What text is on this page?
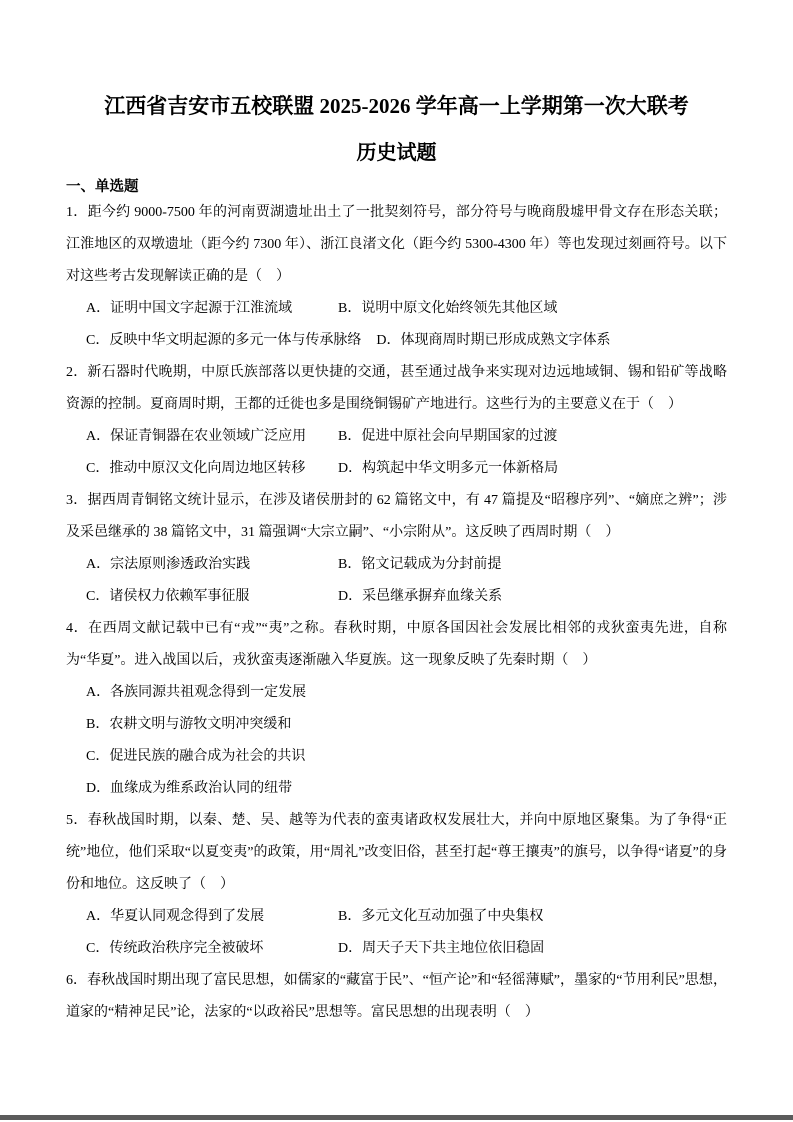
江西省吉安市五校联盟 2025-2026 学年高一上学期第一次大联考
历史试题
一、单选题

1．距今约 9000-7500 年的河南贾湖遗址出土了一批契刻符号，部分符号与晚商殷墟甲骨文存在形态关联；江淮地区的双墩遗址（距今约 7300 年）、浙江良渚文化（距今约 5300-4300 年）等也发现过刻画符号。以下对这些考古发现解读正确的是（　）

A．证明中国文字起源于江淮流域	B．说明中原文化始终领先其他区域
C．反映中华文明起源的多元一体与传承脉络 D．体现商周时期已形成成熟文字体系

2．新石器时代晚期，中原氏族部落以更快捷的交通，甚至通过战争来实现对边远地域铜、锡和铅矿等战略资源的控制。夏商周时期，王都的迁徙也多是围绕铜锡矿产地进行。这些行为的主要意义在于（　）

A．保证青铜器在农业领域广泛应用	B．促进中原社会向早期国家的过渡
C．推动中原汉文化向周边地区转移	D．构筑起中华文明多元一体新格局

3．据西周青铜铭文统计显示，在涉及诸侯册封的 62 篇铭文中，有 47 篇提及“昭穆序列”、“嫡庶之辨”；涉及采邑继承的 38 篇铭文中，31 篇强调“大宗立嗣”、“小宗附从”。这反映了西周时期（　）

A．宗法原则渗透政治实践	B．铭文记载成为分封前提
C．诸侯权力依赖军事征服	D．采邑继承摒弃血缘关系

4．在西周文献记载中已有“戎”“夷”之称。春秋时期，中原各国因社会发展比相邻的戎狄蛮夷先进，自称为“华夏”。进入战国以后，戎狄蛮夷逐渐融入华夏族。这一现象反映了先秦时期（　）

A．各族同源共祖观念得到一定发展
B．农耕文明与游牧文明冲突缓和
C．促进民族的融合成为社会的共识
D．血缘成为维系政治认同的纽带

5．春秋战国时期，以秦、楚、吴、越等为代表的蛮夷诸政权发展壮大，并向中原地区聚集。为了争得“正统”地位，他们采取“以夏变夷”的政策，用“周礼”改变旧俗，甚至打起“尊王攘夷”的旗号，以争得“诸夏”的身份和地位。这反映了（　）

A．华夏认同观念得到了发展	B．多元文化互动加强了中央集权
C．传统政治秩序完全被破坏	D．周天子天下共主地位依旧稳固

6．春秋战国时期出现了富民思想，如儒家的“藏富于民”、“恒产论”和“轻徭薄赋”，墨家的“节用利民”思想，道家的“精神足民”论，法家的“以政裕民”思想等。富民思想的出现表明（　）
